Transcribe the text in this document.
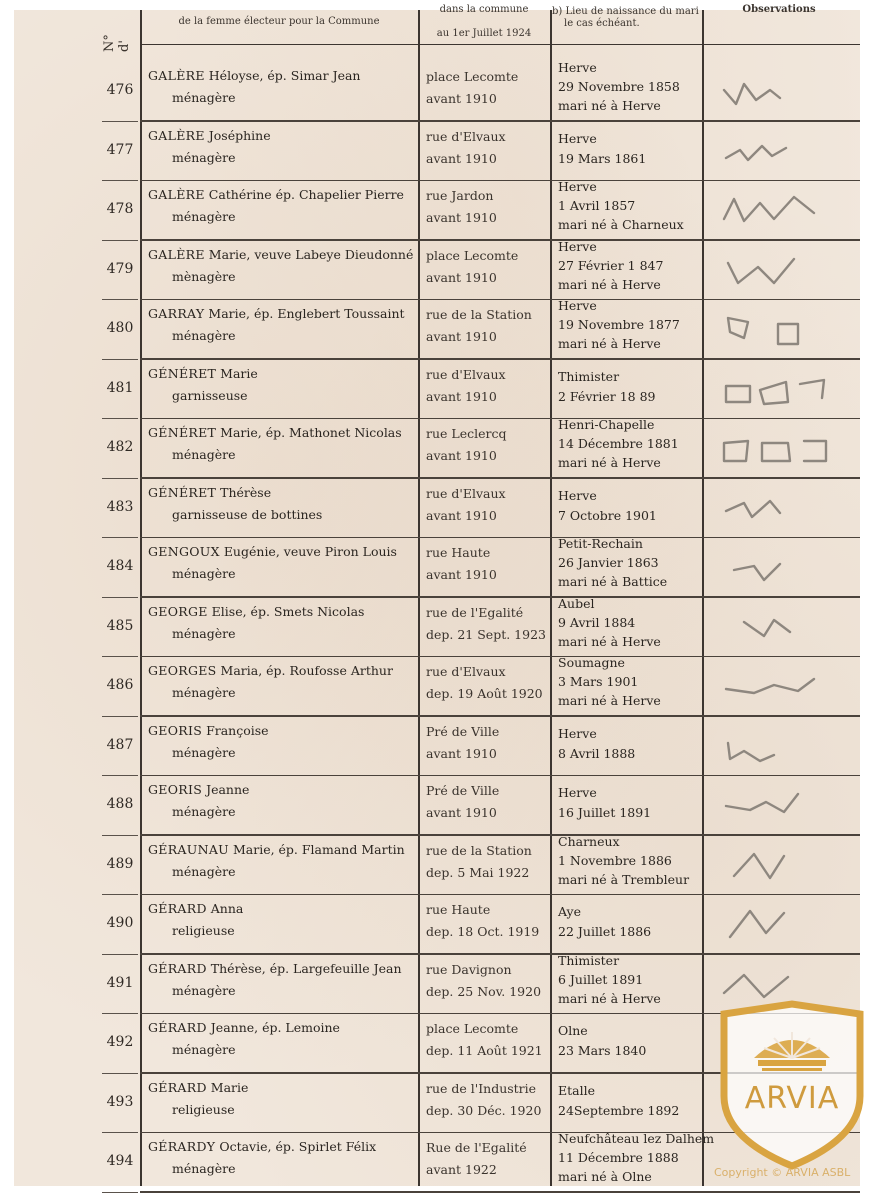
N° d'
de la femme électeur pour la Commune
dans la commune
au 1er Juillet 1924
b) Lieu de naissance du mari
le cas échéant.
Observations
476
GALÈRE Héloyse, ép. Simar Jean
ménagère
place Lecomte
avant 1910
Herve
29 Novembre 1858
mari né à Herve
477
GALÈRE Joséphine
ménagère
rue d'Elvaux
avant 1910
Herve
19 Mars 1861
478
GALÈRE Cathérine ép. Chapelier Pierre
ménagère
rue Jardon
avant 1910
Herve
1 Avril 1857
mari né à Charneux
479
GALÈRE Marie, veuve Labeye Dieudonné
mènagère
place Lecomte
avant 1910
Herve
27 Février 1 847
mari né à Herve
480
GARRAY Marie, ép. Englebert Toussaint
ménagère
rue de la Station
avant 1910
Herve
19 Novembre 1877
mari né à Herve
481
GÉNÉRET Marie
garnisseuse
rue d'Elvaux
avant 1910
Thimister
2 Février 18 89
482
GÉNÉRET Marie, ép. Mathonet Nicolas
ménagère
rue Leclercq
avant 1910
Henri-Chapelle
14 Décembre 1881
mari né à Herve
483
GÉNÉRET Thérèse
garnisseuse de bottines
rue d'Elvaux
avant 1910
Herve
7 Octobre 1901
484
GENGOUX Eugénie, veuve Piron Louis
ménagère
rue Haute
avant 1910
Petit-Rechain
26 Janvier 1863
mari né à Battice
485
GEORGE Elise, ép. Smets Nicolas
ménagère
rue de l'Egalité
dep. 21 Sept. 1923
Aubel
9 Avril 1884
mari né à Herve
486
GEORGES Maria, ép. Roufosse Arthur
ménagère
rue d'Elvaux
dep. 19 Août 1920
Soumagne
3 Mars 1901
mari né à Herve
487
GEORIS Françoise
ménagère
Pré de Ville
avant 1910
Herve
8 Avril 1888
488
GEORIS Jeanne
ménagère
Pré de Ville
avant 1910
Herve
16 Juillet 1891
489
GÉRAUNAU Marie, ép. Flamand Martin
ménagère
rue de la Station
dep. 5 Mai 1922
Charneux
1 Novembre 1886
mari né à Trembleur
490
GÉRARD Anna
religieuse
rue Haute
dep. 18 Oct. 1919
Aye
22 Juillet 1886
491
GÉRARD Thérèse, ép. Largefeuille Jean
ménagère
rue Davignon
dep. 25 Nov. 1920
Thimister
6 Juillet 1891
mari né à Herve
492
GÉRARD Jeanne, ép. Lemoine
ménagère
place Lecomte
dep. 11 Août 1921
Olne
23 Mars 1840
493
GÉRARD Marie
religieuse
rue de l'Industrie
dep. 30 Déc. 1920
Etalle
24Septembre 1892
494
GÉRARDY Octavie, ép. Spirlet Félix
ménagère
Rue de l'Egalité
avant 1922
Neufchâteau lez Dalhem
11 Décembre 1888
mari né à Olne
ARVIA
Copyright © ARVIA ASBL
